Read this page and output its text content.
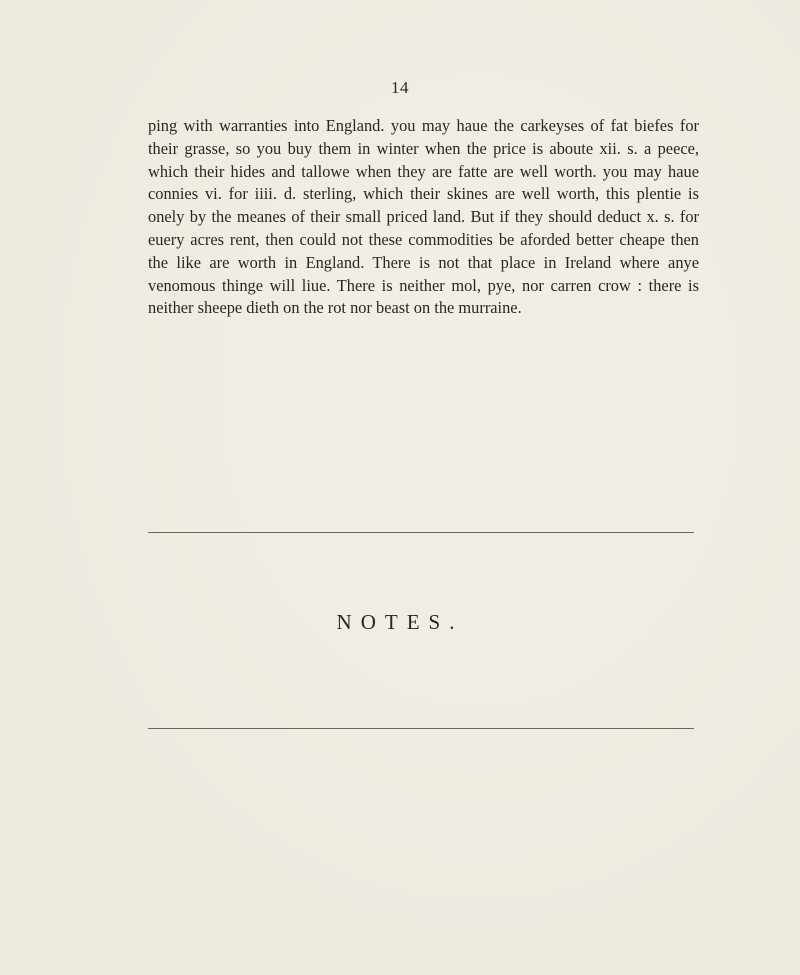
14

ping with warranties into England. you may haue the carkeyses of fat biefes for their grasse, so you buy them in winter when the price is aboute xii. s. a peece, which their hides and tallowe when they are fatte are well worth. you may haue connies vi. for iiii. d. sterling, which their skines are well worth, this plentie is onely by the meanes of their small priced land. But if they should deduct x. s. for euery acres rent, then could not these commodities be aforded better cheape then the like are worth in England. There is not that place in Ireland where anye venomous thinge will liue. There is neither mol, pye, nor carren crow : there is neither sheepe dieth on the rot nor beast on the murraine.

NOTES.
